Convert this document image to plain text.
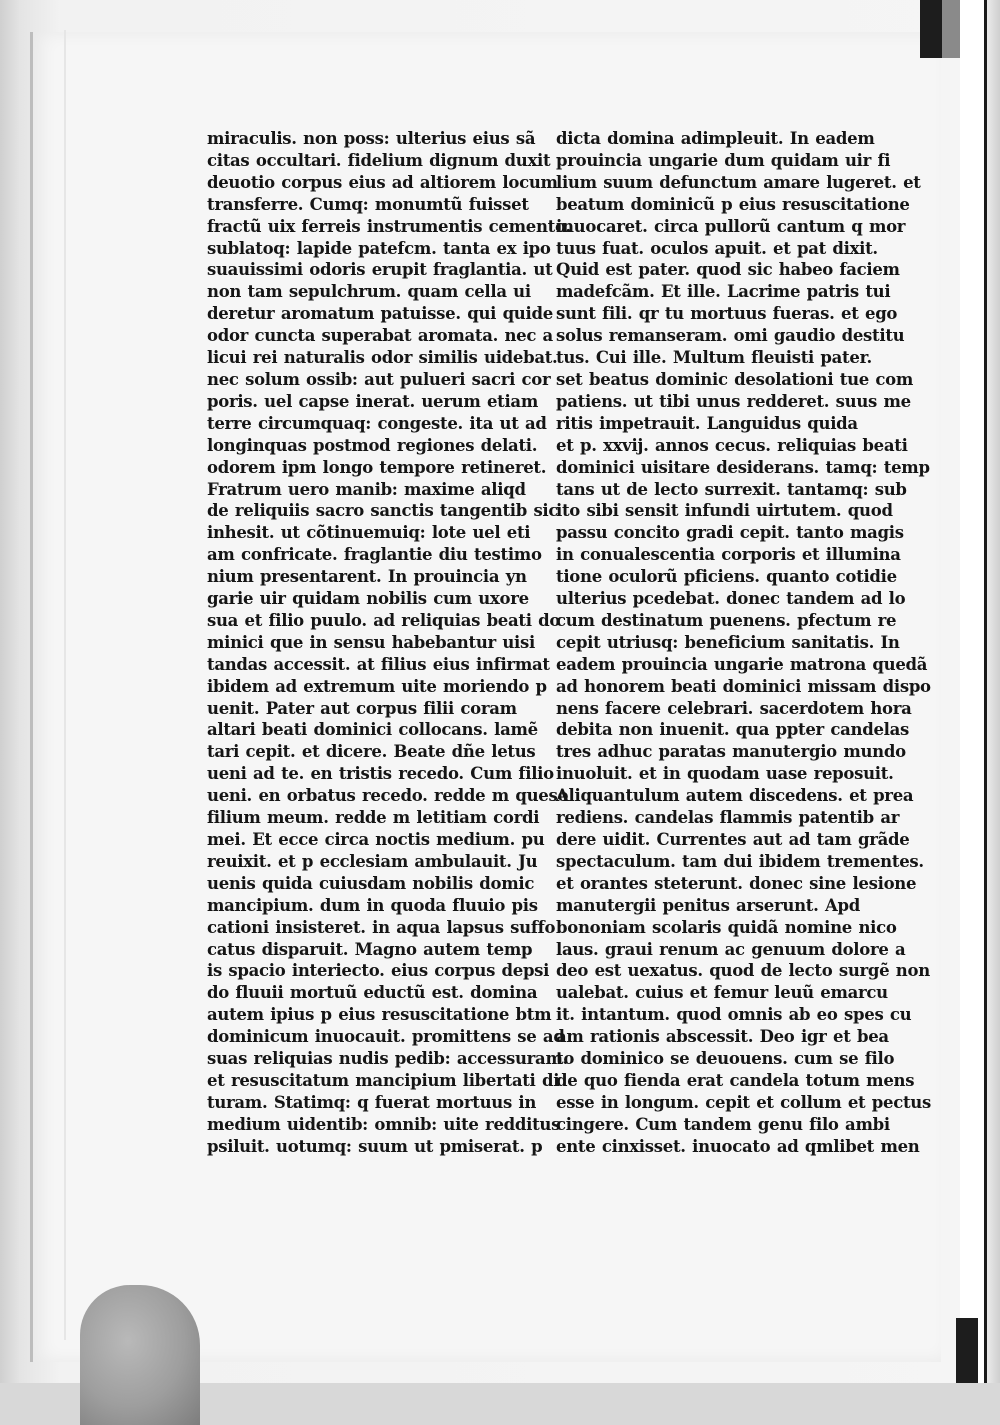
miraculis. non poss: ulterius eius sã
citas occultari. fidelium dignum duxit
deuotio corpus eius ad altiorem locum
transferre. Cumq: monumtũ fuisset
fractũ uix ferreis instrumentis cemento.
sublatoq: lapide patefcm. tanta ex ipo
suauissimi odoris erupit fraglantia. ut
non tam sepulchrum. quam cella ui
deretur aromatum patuisse. qui quide
odor cuncta superabat aromata. nec a
licui rei naturalis odor similis uidebat.
nec solum ossib: aut pulueri sacri cor
poris. uel capse inerat. uerum etiam
terre circumquaq: congeste. ita ut ad
longinquas postmod regiones delati.
odorem ipm longo tempore retineret.
Fratrum uero manib: maxime aliqd
de reliquiis sacro sanctis tangentib sic
inhesit. ut cõtinuemuiq: lote uel eti
am confricate. fraglantie diu testimo
nium presentarent. In prouincia yn
garie uir quidam nobilis cum uxore
sua et filio puulo. ad reliquias beati do
minici que in sensu habebantur uisi
tandas accessit. at filius eius infirmat
ibidem ad extremum uite moriendo p
uenit. Pater aut corpus filii coram
altari beati dominici collocans. lamẽ
tari cepit. et dicere. Beate dñe letus
ueni ad te. en tristis recedo. Cum filio
ueni. en orbatus recedo. redde m queso
filium meum. redde m letitiam cordi
mei. Et ecce circa noctis medium. pu
reuixit. et p ecclesiam ambulauit. Ju
uenis quida cuiusdam nobilis domic
mancipium. dum in quoda fluuio pis
cationi insisteret. in aqua lapsus suffo
catus disparuit. Magno autem temp
is spacio interiecto. eius corpus depsi
do fluuii mortuũ eductũ est. domina
autem ipius p eius resuscitatione btm
dominicum inuocauit. promittens se ad
suas reliquias nudis pedib: accessuram.
et resuscitatum mancipium libertati di
turam. Statimq: q fuerat mortuus in
medium uidentib: omnib: uite redditus
psiluit. uotumq: suum ut pmiserat. p
dicta domina adimpleuit. In eadem
prouincia ungarie dum quidam uir fi
lium suum defunctum amare lugeret. et
beatum dominicũ p eius resuscitatione
inuocaret. circa pullorũ cantum q mor
tuus fuat. oculos apuit. et pat dixit.
Quid est pater. quod sic habeo faciem
madefcãm. Et ille. Lacrime patris tui
sunt fili. qr tu mortuus fueras. et ego
solus remanseram. omi gaudio destitu
tus. Cui ille. Multum fleuisti pater.
set beatus dominic desolationi tue com
patiens. ut tibi unus redderet. suus me
ritis impetrauit. Languidus quida
et p. xxvij. annos cecus. reliquias beati
dominici uisitare desiderans. tamq: temp
tans ut de lecto surrexit. tantamq: sub
ito sibi sensit infundi uirtutem. quod
passu concito gradi cepit. tanto magis
in conualescentia corporis et illumina
tione oculorũ pficiens. quanto cotidie
ulterius pcedebat. donec tandem ad lo
cum destinatum puenens. pfectum re
cepit utriusq: beneficium sanitatis. In
eadem prouincia ungarie matrona quedã
ad honorem beati dominici missam dispo
nens facere celebrari. sacerdotem hora
debita non inuenit. qua ppter candelas
tres adhuc paratas manutergio mundo
inuoluit. et in quodam uase reposuit.
Aliquantulum autem discedens. et prea
rediens. candelas flammis patentib ar
dere uidit. Currentes aut ad tam grãde
spectaculum. tam dui ibidem trementes.
et orantes steterunt. donec sine lesione
manutergii penitus arserunt. Apd
bononiam scolaris quidã nomine nico
laus. graui renum ac genuum dolore a
deo est uexatus. quod de lecto surgẽ non
ualebat. cuius et femur leuũ emarcu
it. intantum. quod omnis ab eo spes cu
am rationis abscessit. Deo igr et bea
to dominico se deuouens. cum se filo
de quo fienda erat candela totum mens
esse in longum. cepit et collum et pectus
cingere. Cum tandem genu filo ambi
ente cinxisset. inuocato ad qmlibet men
